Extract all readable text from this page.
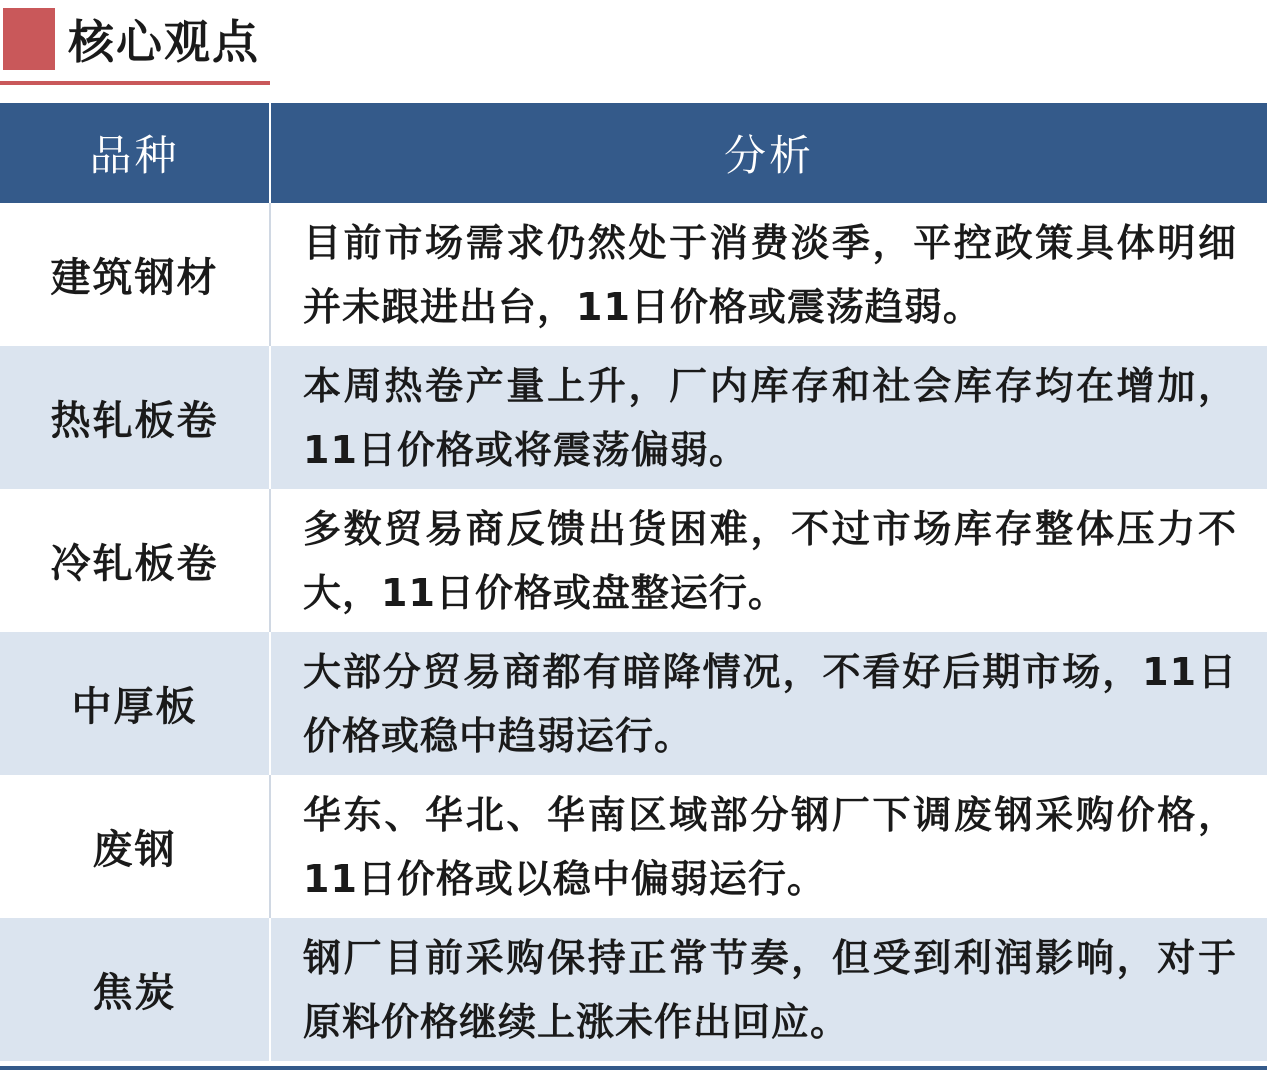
核心观点
品种	分析
建筑钢材	目前市场需求仍然处于消费淡季，平控政策具体明细并未跟进出台，11日价格或震荡趋弱。
热轧板卷	本周热卷产量上升，厂内库存和社会库存均在增加，11日价格或将震荡偏弱。
冷轧板卷	多数贸易商反馈出货困难，不过市场库存整体压力不大，11日价格或盘整运行。
中厚板	大部分贸易商都有暗降情况，不看好后期市场，11日价格或稳中趋弱运行。
废钢	华东、华北、华南区域部分钢厂下调废钢采购价格，11日价格或以稳中偏弱运行。
焦炭	钢厂目前采购保持正常节奏，但受到利润影响，对于原料价格继续上涨未作出回应。
